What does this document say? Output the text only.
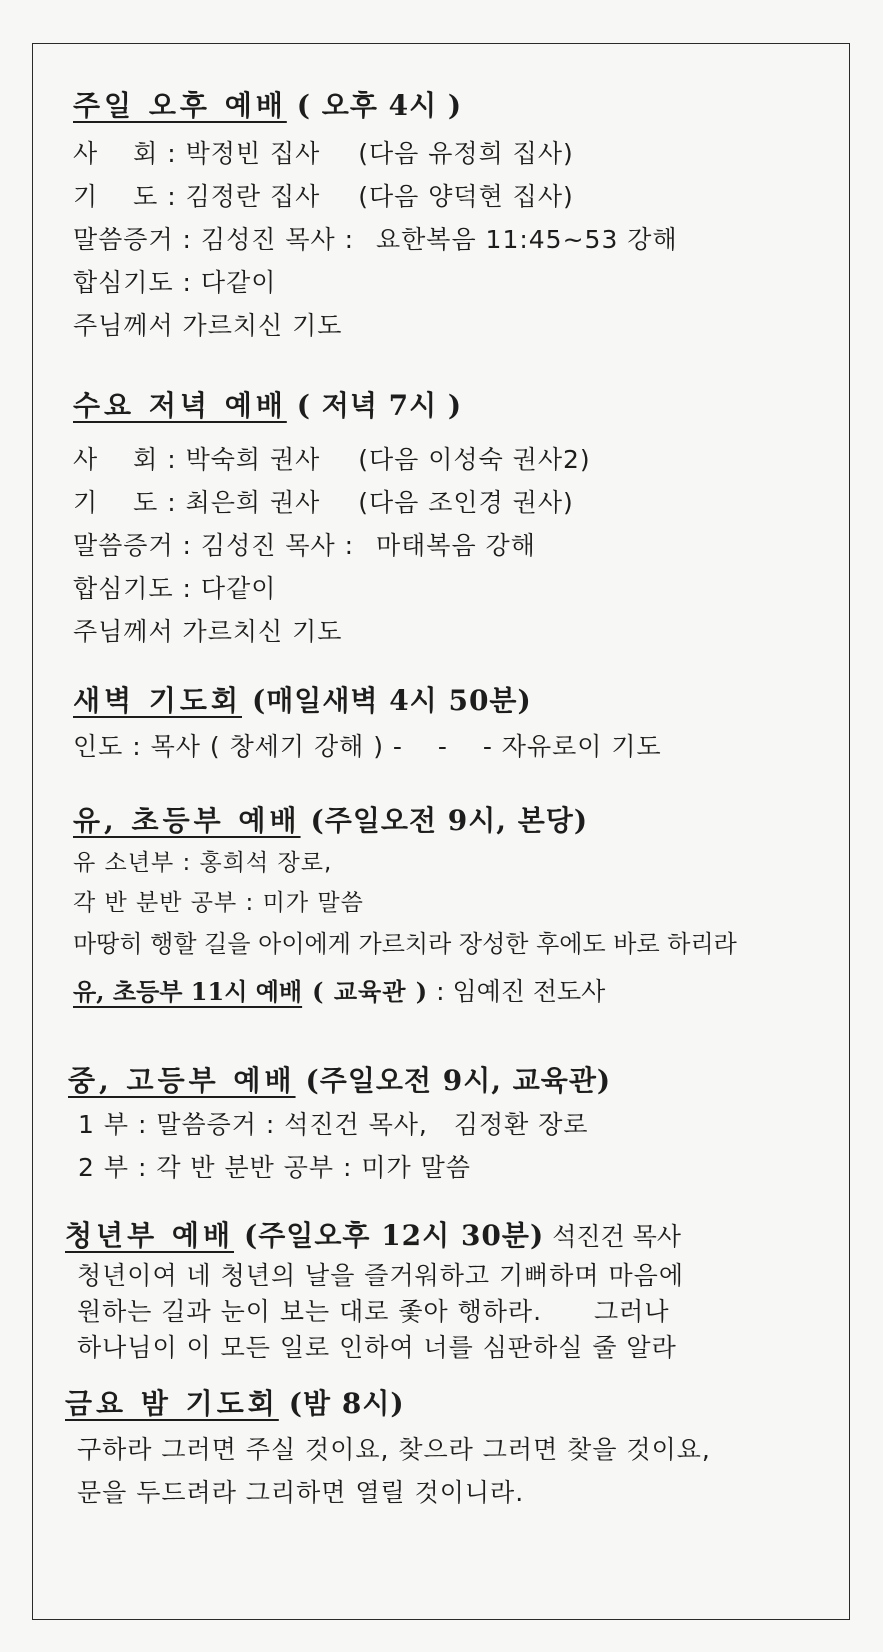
주일 오후 예배 ( 오후 4시 )
사　 회 : 박정빈 집사 (다음 유정희 집사)
기　 도 : 김정란 집사 (다음 양덕현 집사)
말씀증거 : 김성진 목사 : 요한복음 11:45~53 강해
합심기도 : 다같이
주님께서 가르치신 기도
수요 저녁 예배 ( 저녁 7시 )
사　 회 : 박숙희 권사 (다음 이성숙 권사2)
기　 도 : 최은희 권사 (다음 조인경 권사)
말씀증거 : 김성진 목사 : 마태복음 강해
합심기도 : 다같이
주님께서 가르치신 기도
새벽 기도회 (매일새벽 4시 50분)
인도 : 목사 ( 창세기 강해 ) -　 -　 - 자유로이 기도
유, 초등부 예배 (주일오전 9시, 본당)
유 소년부 : 홍희석 장로,
각 반 분반 공부 : 미가 말씀
마땅히 행할 길을 아이에게 가르치라 장성한 후에도 바로 하리라
유, 초등부 11시 예배 ( 교육관 ) : 임예진 전도사
중, 고등부 예배 (주일오전 9시, 교육관)
1 부 : 말씀증거 : 석진건 목사,　김정환 장로
2 부 : 각 반 분반 공부 : 미가 말씀
청년부 예배 (주일오후 12시 30분) 석진건 목사
청년이여 네 청년의 날을 즐거워하고 기뻐하며 마음에
원하는 길과 눈이 보는 대로 좇아 행하라.　　그러나
하나님이 이 모든 일로 인하여 너를 심판하실 줄 알라
금요 밤 기도회 (밤 8시)
구하라 그러면 주실 것이요, 찾으라 그러면 찾을 것이요,
문을 두드려라 그리하면 열릴 것이니라.
